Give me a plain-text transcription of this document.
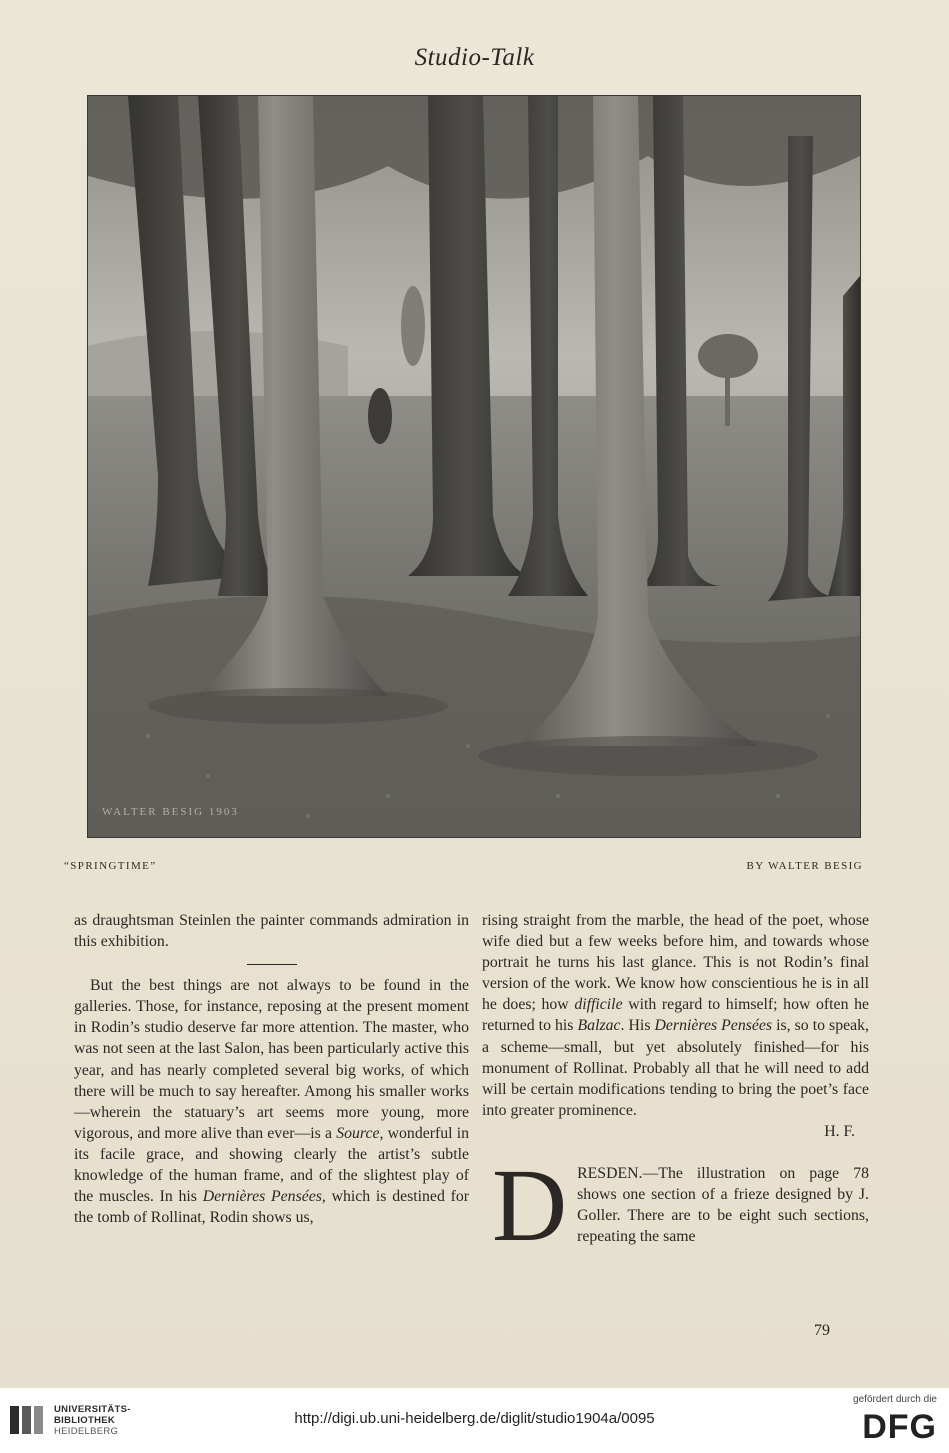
Studio-Talk
WALTER BESIG 1903
“SPRINGTIME”	BY WALTER BESIG

as draughtsman Steinlen the painter commands admiration in this exhibition.

But the best things are not always to be found in the galleries. Those, for instance, reposing at the present moment in Rodin’s studio deserve far more attention. The master, who was not seen at the last Salon, has been particularly active this year, and has nearly completed several big works, of which there will be much to say hereafter. Among his smaller works—wherein the statuary’s art seems more young, more vigorous, and more alive than ever—is a Source, wonderful in its facile grace, and showing clearly the artist’s subtle knowledge of the human frame, and of the slightest play of the muscles. In his Dernières Pensées, which is destined for the tomb of Rollinat, Rodin shows us,

rising straight from the marble, the head of the poet, whose wife died but a few weeks before him, and towards whose portrait he turns his last glance. This is not Rodin’s final version of the work. We know how conscientious he is in all he does; how difficile with regard to himself; how often he returned to his Balzac. His Dernières Pensées is, so to speak, a scheme—small, but yet absolutely finished—for his monument of Rollinat. Probably all that he will need to add will be certain modifications tending to bring the poet’s face into greater prominence.

H. F.

D RESDEN.—The illustration on page 78 shows one section of a frieze designed by J. Goller. There are to be eight such sections, repeating the same

79
UNIVERSITÄTS-
BIBLIOTHEK
HEIDELBERG
http://digi.ub.uni-heidelberg.de/diglit/studio1904a/0095
gefördert durch die
DFG
